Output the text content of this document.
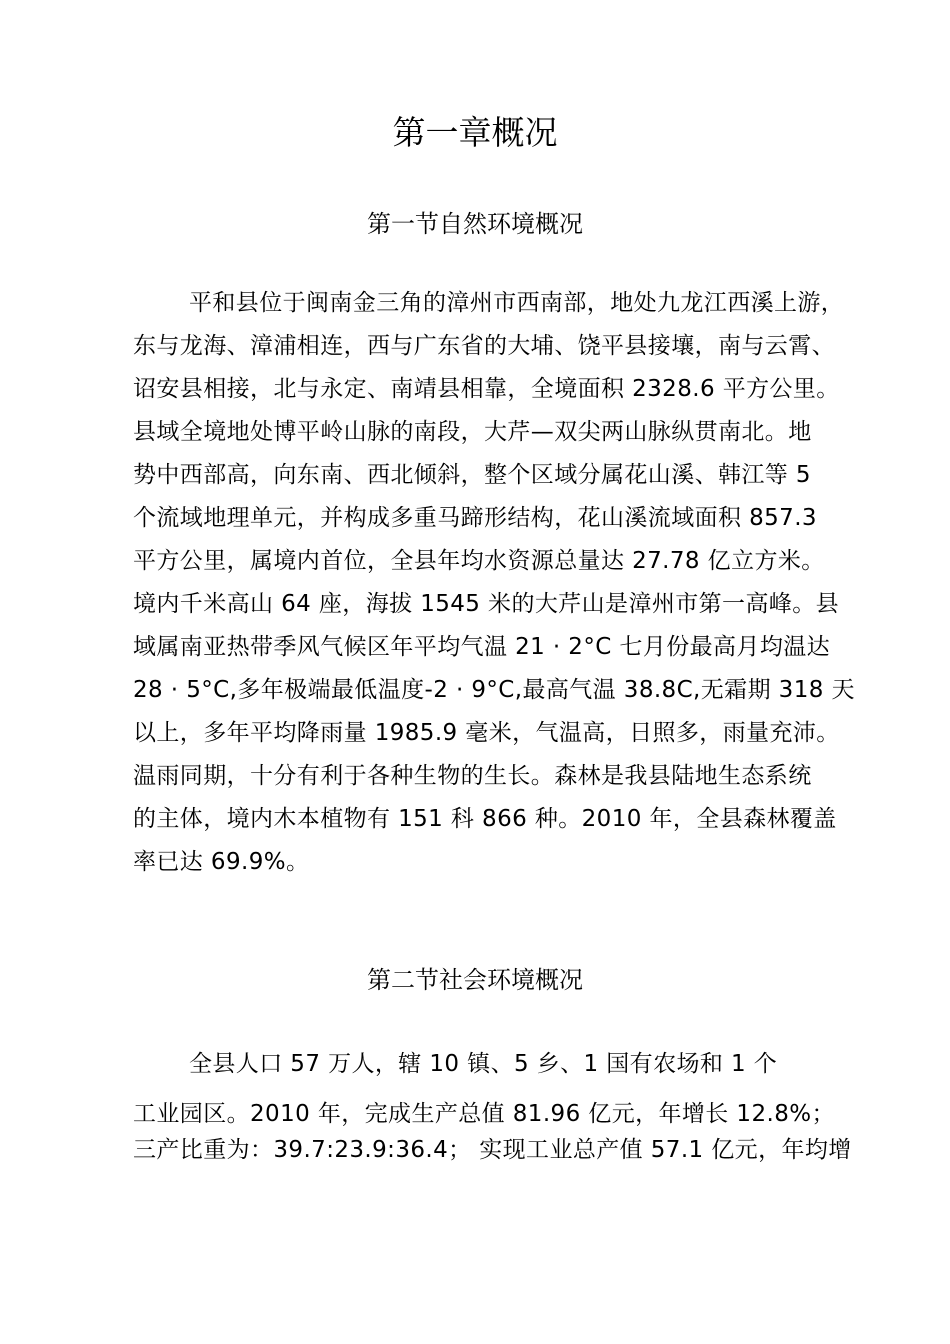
第一章概况
第一节自然环境概况
平和县位于闽南金三角的漳州市西南部，地处九龙江西溪上游，
东与龙海、漳浦相连，西与广东省的大埔、饶平县接壤，南与云霄、
诏安县相接，北与永定、南靖县相靠，全境面积 2328.6 平方公里。
县域全境地处博平岭山脉的南段，大芹—双尖两山脉纵贯南北。地
势中西部高，向东南、西北倾斜，整个区域分属花山溪、韩江等 5
个流域地理单元，并构成多重马蹄形结构，花山溪流域面积 857.3
平方公里，属境内首位，全县年均水资源总量达 27.78 亿立方米。
境内千米高山 64 座，海拔 1545 米的大芹山是漳州市第一高峰。县
域属南亚热带季风气候区年平均气温 21 · 2°C 七月份最高月均温达
28 · 5°C,多年极端最低温度-2 · 9°C,最高气温 38.8C,无霜期 318 天
以上，多年平均降雨量 1985.9 毫米，气温高，日照多，雨量充沛。
温雨同期，十分有利于各种生物的生长。森林是我县陆地生态系统
的主体，境内木本植物有 151 科 866 种。2010 年，全县森林覆盖
率已达 69.9%。
第二节社会环境概况
全县人口 57 万人，辖 10 镇、5 乡、1 国有农场和 1 个
工业园区。2010 年，完成生产总值 81.96 亿元，年增长 12.8%；
三产比重为：39.7:23.9:36.4； 实现工业总产值 57.1 亿元，年均增
